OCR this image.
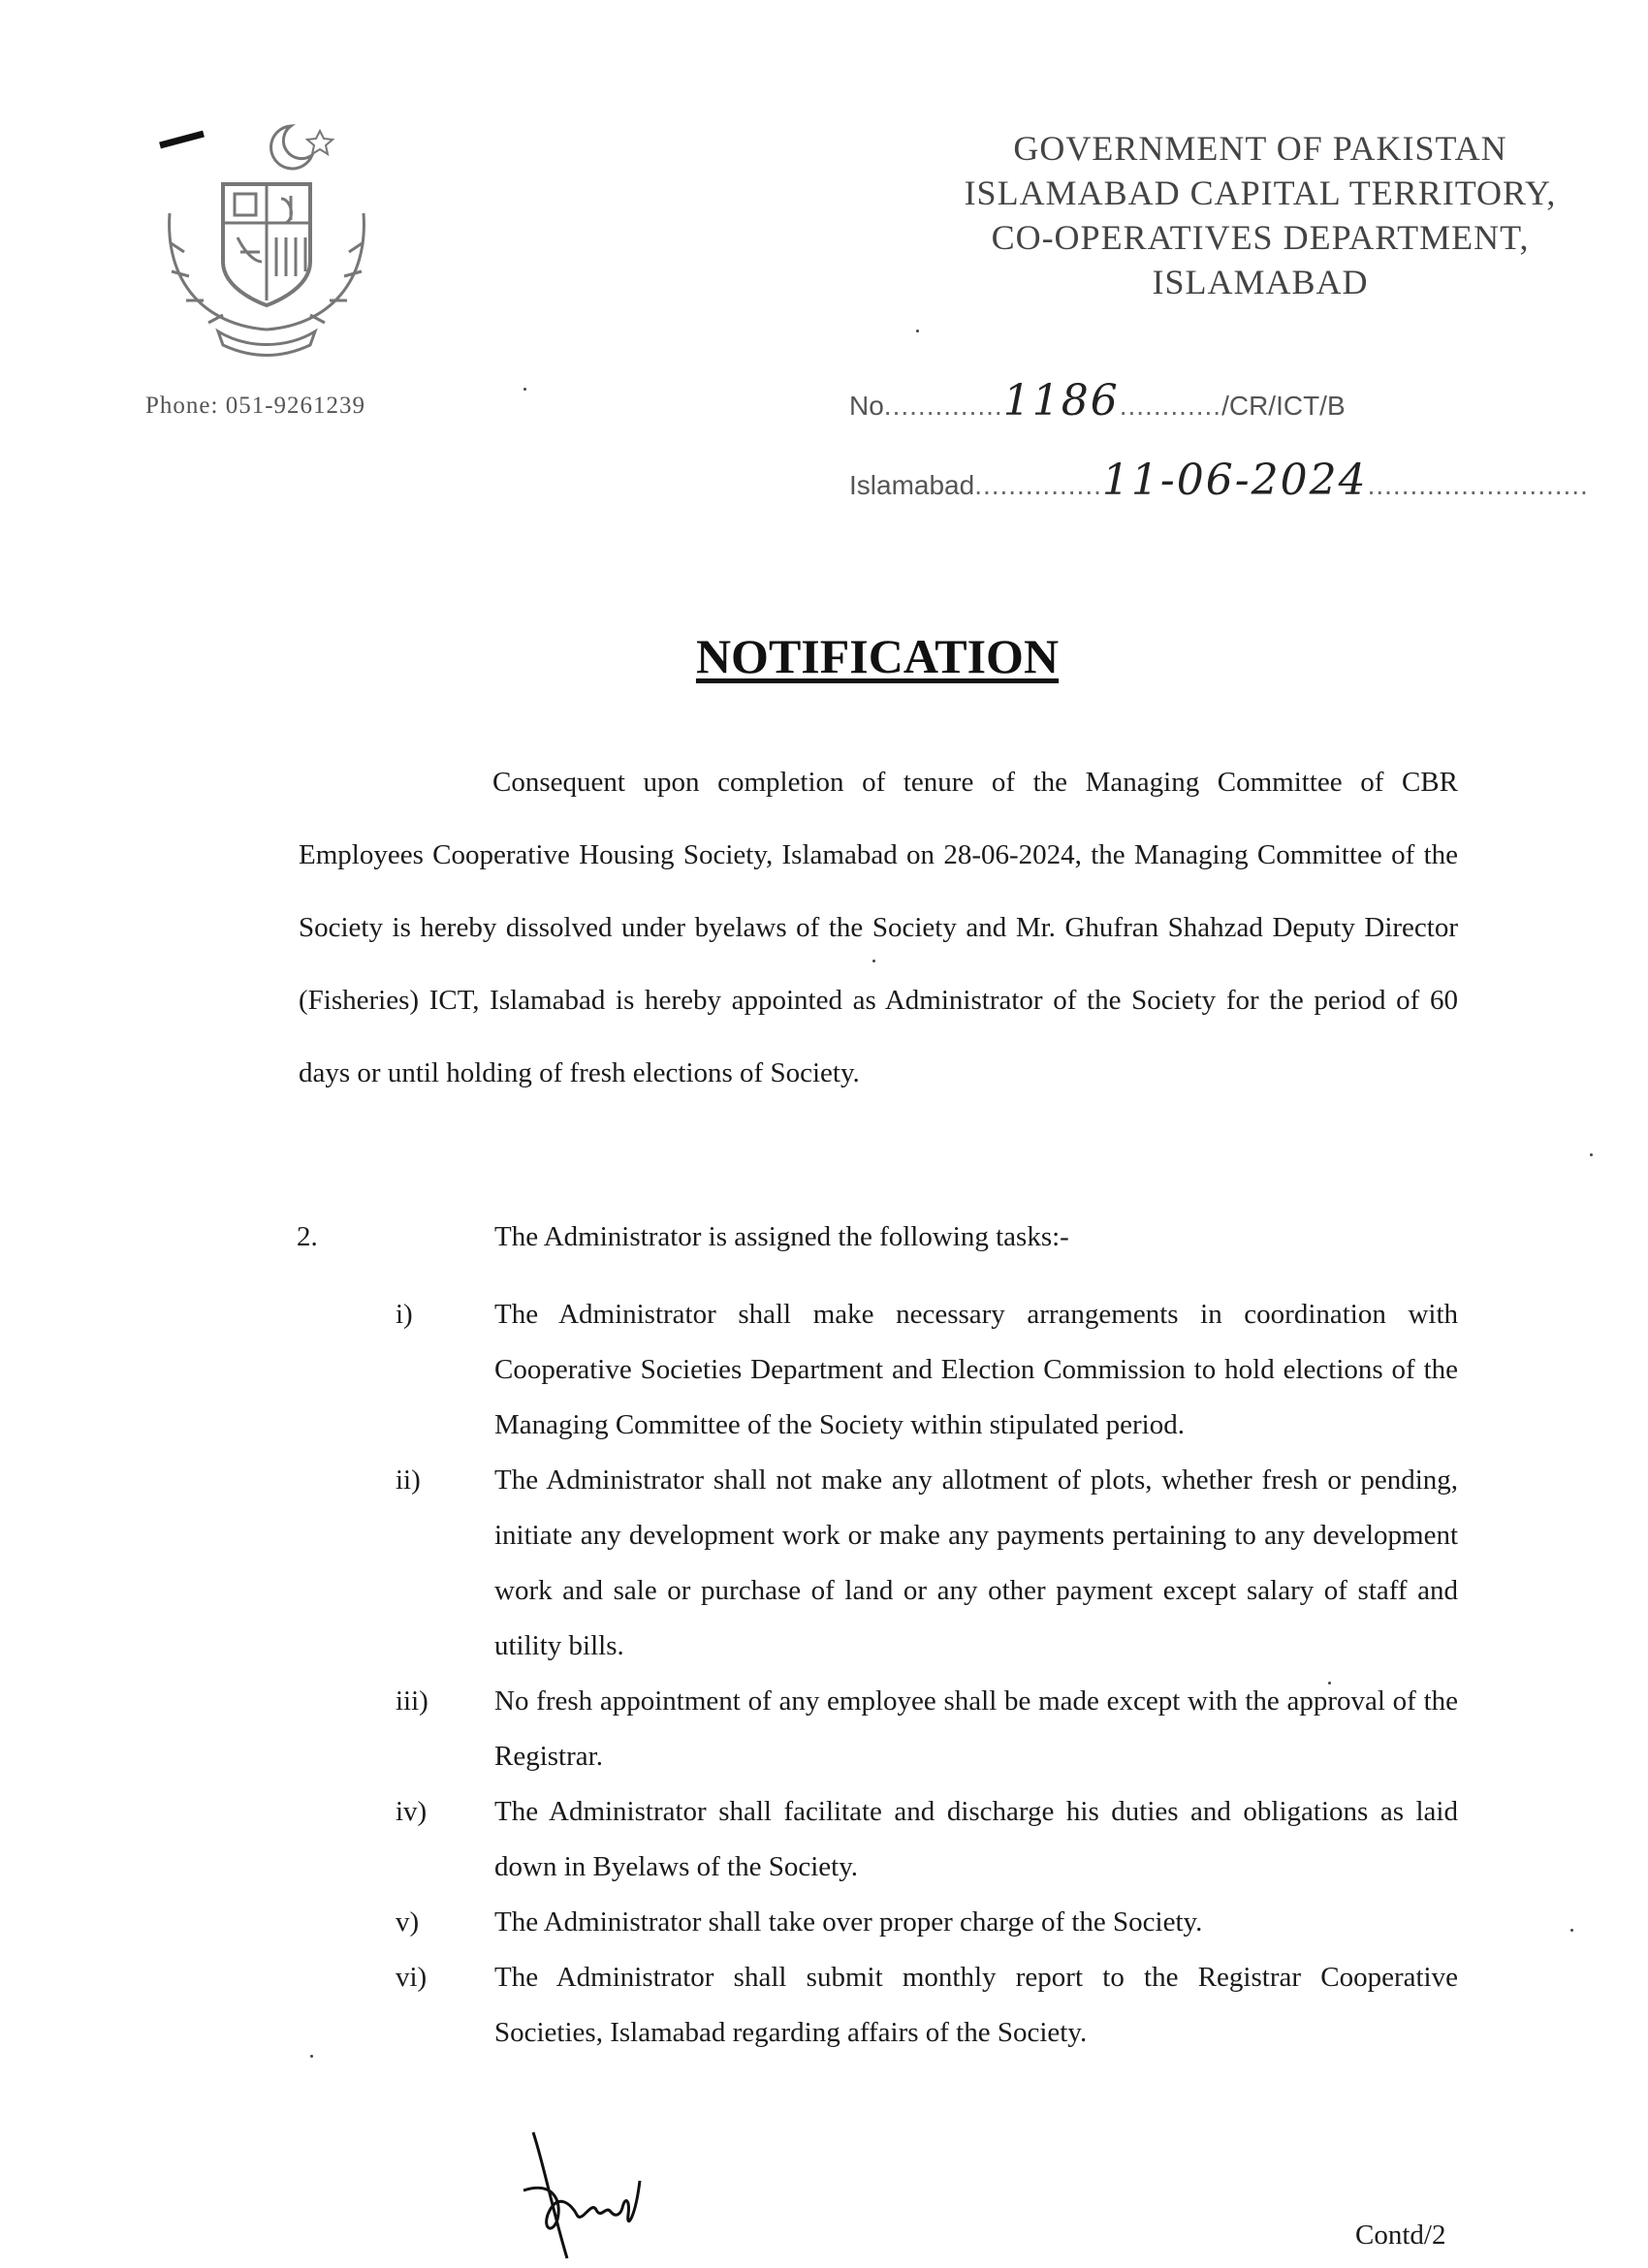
Phone: 051-9261239
GOVERNMENT OF PAKISTAN
ISLAMABAD CAPITAL TERRITORY,
CO-OPERATIVES DEPARTMENT,
ISLAMABAD
No..............1186............/CR/ICT/B
Islamabad...............11-06-2024..........................
NOTIFICATION
Consequent upon completion of tenure of the Managing Committee of CBR Employees Cooperative Housing Society, Islamabad on 28-06-2024, the Managing Committee of the Society is hereby dissolved under byelaws of the Society and Mr. Ghufran Shahzad Deputy Director (Fisheries) ICT, Islamabad is hereby appointed as Administrator of the Society for the period of 60 days or until holding of fresh elections of Society.
2.	The Administrator is assigned the following tasks:-
i)	The Administrator shall make necessary arrangements in coordination with Cooperative Societies Department and Election Commission to hold elections of the Managing Committee of the Society within stipulated period.
ii)	The Administrator shall not make any allotment of plots, whether fresh or pending, initiate any development work or make any payments pertaining to any development work and sale or purchase of land or any other payment except salary of staff and utility bills.
iii) No fresh appointment of any employee shall be made except with the approval of the Registrar.
iv) The Administrator shall facilitate and discharge his duties and obligations as laid down in Byelaws of the Society.
v)	The Administrator shall take over proper charge of the Society.
vi) The Administrator shall submit monthly report to the Registrar Cooperative Societies, Islamabad regarding affairs of the Society.
Contd/2
